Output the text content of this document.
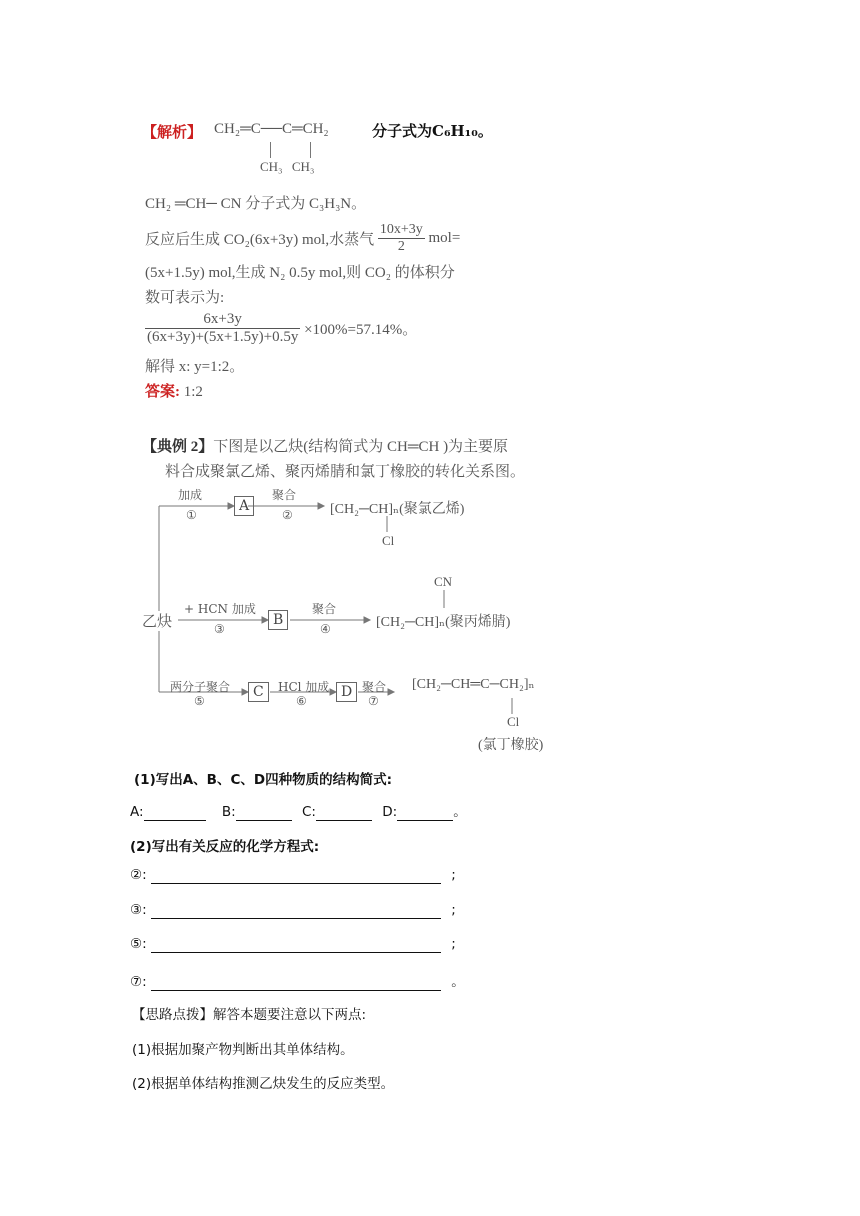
【解析】 CH₂═C──C═CH₂
CH₃ CH₃
分子式为C₆H₁₀。
CH₂ ═CH─ CN 分子式为 C₃H₃N。
反应后生成 CO₂(6x+3y) mol,水蒸气 $\frac{10x+3y}{2} mol=$
(5x+1.5y) mol,生成 N₂ 0.5y mol,则 CO₂ 的体积分
数可表示为:
$\frac{6x+3y}{(6x+3y)+(5x+1.5y)+0.5y} \times 100\%=57.14\%$。
解得 x: y=1:2。
答案: 1:2
【典例 2】下图是以乙炔(结构简式为 CH═CH )为主要原
料合成聚氯乙烯、聚丙烯腈和氯丁橡胶的转化关系图。
加成
①
A
聚合
②	[CH₂─CH]ₙ(聚氯乙烯)
Cl
乙炔
+ HCN 加成
③
B
聚合
④
CN
[CH₂─CH]ₙ(聚丙烯腈)
两分子聚合
⑤
C	HCl 加成
⑥
D 聚合
⑦
[CH₂─CH═C─CH₂]ₙ
Cl
(氯丁橡胶)
(1)写出A、B、C、D四种物质的结构简式:
A:	B:	C:	D:	。
(2)写出有关反应的化学方程式:
②:	;
③:	;
⑤:	;
⑦:	。
【思路点拨】解答本题要注意以下两点:
(1)根据加聚产物判断出其单体结构。
(2)根据单体结构推测乙炔发生的反应类型。
